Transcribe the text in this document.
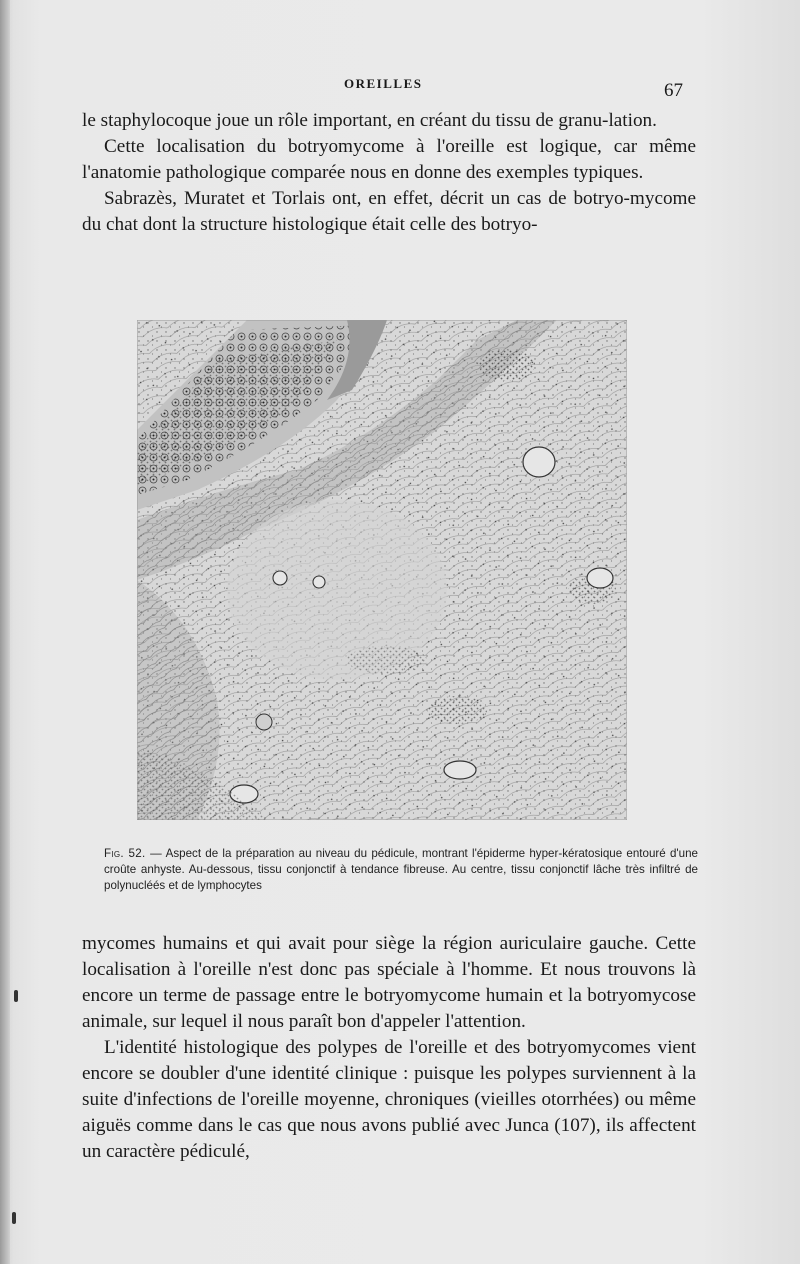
OREILLES	67

le staphylocoque joue un rôle important, en créant du tissu de granu-lation.

Cette localisation du botryomycome à l'oreille est logique, car même l'anatomie pathologique comparée nous en donne des exemples typiques.

Sabrazès, Muratet et Torlais ont, en effet, décrit un cas de botryo-mycome du chat dont la structure histologique était celle des botryo-

Fig. 52. — Aspect de la préparation au niveau du pédicule, montrant l'épiderme hyper-kératosique entouré d'une croûte anhyste. Au-dessous, tissu conjonctif à tendance fibreuse. Au centre, tissu conjonctif lâche très infiltré de polynucléés et de lymphocytes

mycomes humains et qui avait pour siège la région auriculaire gauche. Cette localisation à l'oreille n'est donc pas spéciale à l'homme. Et nous trouvons là encore un terme de passage entre le botryomycome humain et la botryomycose animale, sur lequel il nous paraît bon d'appeler l'attention.

L'identité histologique des polypes de l'oreille et des botryomycomes vient encore se doubler d'une identité clinique : puisque les polypes surviennent à la suite d'infections de l'oreille moyenne, chroniques (vieilles otorrhées) ou même aiguës comme dans le cas que nous avons publié avec Junca (107), ils affectent un caractère pédiculé,
